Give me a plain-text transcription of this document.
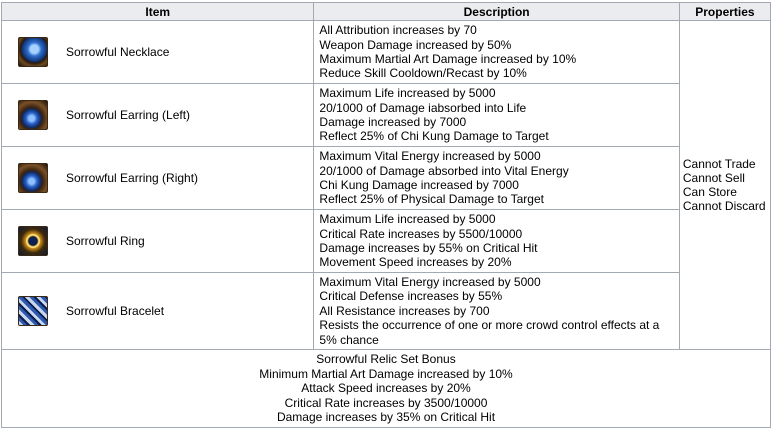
Item	Description	Properties

Sorrowful Necklace	All Attribution increases by 70
Weapon Damage increased by 50%
Maximum Martial Art Damage increased by 10%
Reduce Skill Cooldown/Recast by 10%	Cannot Trade
Cannot Sell
Can Store
Cannot Discard

Sorrowful Earring (Left)	Maximum Life increased by 5000
20/1000 of Damage iabsorbed into Life
Damage increased by 7000
Reflect 25% of Chi Kung Damage to Target	

Sorrowful Earring (Right)	Maximum Vital Energy increased by 5000
20/1000 of Damage absorbed into Vital Energy
Chi Kung Damage increased by 7000
Reflect 25% of Physical Damage to Target	

Sorrowful Ring	Maximum Life increased by 5000
Critical Rate increases by 5500/10000
Damage increases by 55% on Critical Hit
Movement Speed increases by 20%	

Sorrowful Bracelet	Maximum Vital Energy increased by 5000
Critical Defense increases by 55%
All Resistance increases by 700
Resists the occurrence of one or more crowd control effects at a 5% chance	

Sorrowful Relic Set Bonus
Minimum Martial Art Damage increased by 10%
Attack Speed increases by 20%
Critical Rate increases by 3500/10000
Damage increases by 35% on Critical Hit		
